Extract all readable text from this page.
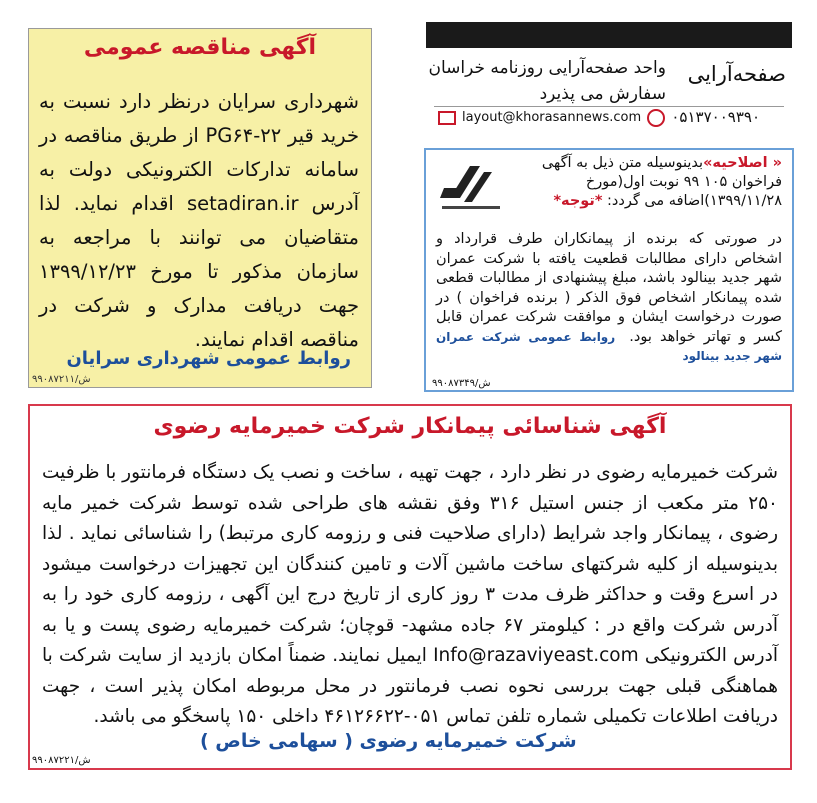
آگهی مناقصه عمومی
شهرداری سرایان درنظر دارد نسبت به خرید قیر PG۶۴-۲۲ از طریق مناقصه در سامانه تدارکات الکترونیکی دولت به آدرس setadiran.ir اقدام نماید. لذا متقاضیان می توانند با مراجعه به سازمان مذکور تا مورخ ۱۳۹۹/۱۲/۲۳ جهت دریافت مدارک و شرکت در مناقصه اقدام نمایند.
روابط عمومی شهرداری سرایان
۹۹۰۸۷۲۱۱/ش
صفحه‌آرایی
واحد صفحه‌آرایی روزنامه خراسان
سفارش می پذیرد
layout@khorasannews.com	۰۵۱۳۷۰۰۹۳۹۰
« اصلاحیه»بدینوسیله متن ذیل به آگهی فراخوان ۱۰۵ ۹۹ نوبت اول(مورخ ۱۳۹۹/۱۱/۲۸)اضافه می گردد: *توجه*
در صورتی که برنده از پیمانکاران طرف قرارداد و اشخاص دارای مطالبات قطعیت یافته با شرکت عمران شهر جدید بینالود باشد، مبلغ پیشنهادی از مطالبات قطعی شده پیمانکار اشخاص فوق الذکر ( برنده فراخوان ) در صورت درخواست ایشان و موافقت شرکت عمران قابل کسر و تهاتر خواهد بود. روابط عمومی شرکت عمران شهر جدید بینالود
۹۹۰۸۷۳۴۹/ش
آگهی شناسائی پیمانکار شرکت خمیرمایه رضوی
شرکت خمیرمایه رضوی در نظر دارد ، جهت تهیه ، ساخت و نصب یک دستگاه فرمانتور با ظرفیت ۲۵۰ متر مکعب از جنس استیل ۳۱۶ وفق نقشه های طراحی شده توسط شرکت خمیر مایه رضوی ، پیمانکار واجد شرایط (دارای صلاحیت فنی و رزومه کاری مرتبط) را شناسائی نماید . لذا بدینوسیله از کلیه شرکتهای ساخت ماشین آلات و تامین کنندگان این تجهیزات درخواست میشود در اسرع وقت و حداکثر ظرف مدت ۳ روز کاری از تاریخ درج این آگهی ، رزومه کاری خود را به آدرس شرکت واقع در : کیلومتر ۶۷ جاده مشهد- قوچان؛ شرکت خمیرمایه رضوی پست و یا به آدرس الکترونیکی Info@razaviyeast.com ایمیل نمایند. ضمناً امکان بازدید از سایت شرکت با هماهنگی قبلی جهت بررسی نحوه نصب فرمانتور در محل مربوطه امکان پذیر است ، جهت دریافت اطلاعات تکمیلی شماره تلفن تماس ۰۵۱-۴۶۱۲۶۶۲۲ داخلی ۱۵۰ پاسخگو می باشد.
شرکت خمیرمایه رضوی ( سهامی خاص )
۹۹۰۸۷۲۲۱/ش
